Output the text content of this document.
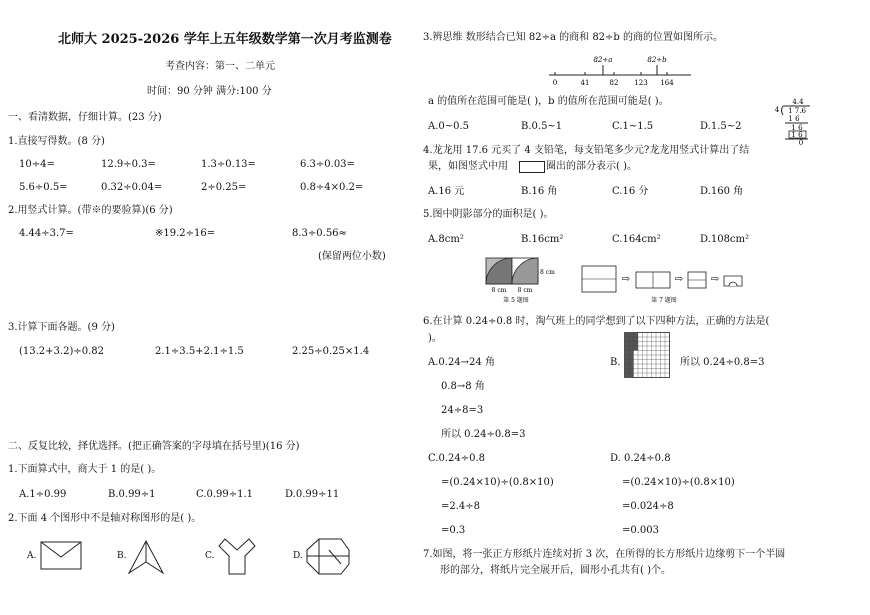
北师大 2025-2026 学年上五年级数学第一次月考监测卷
考查内容：第一、二单元
时间：90 分钟 满分:100 分
一、看清数据，仔细计算。(23 分)
1.直接写得数。(8 分)
10÷4=	12.9÷0.3=	1.3÷0.13=	6.3÷0.03=
5.6÷0.5=	0.32÷0.04=	2÷0.25=	0.8÷4×0.2=
2.用竖式计算。(带※的要验算)(6 分)
4.44÷3.7=	※19.2÷16=	8.3÷0.56≈
(保留两位小数)
3.计算下面各题。(9 分)
(13.2+3.2)÷0.82	2.1÷3.5+2.1÷1.5	2.25÷0.25×1.4
二、反复比较，择优选择。(把正确答案的字母填在括号里)(16 分)
1.下面算式中，商大于 1 的是( )。
A.1÷0.99	B.0.99÷1	C.0.99÷1.1	D.0.99÷11
2.下面 4 个图形中不是轴对称图形的是( )。
A.	B.	C.	D.
3.辨思维 数形结合已知 82÷a 的商和 82÷b 的商的位置如图所示。
82÷a	82÷b
0	41	82 123 164
a 的值所在范围可能是( )，b 的值所在范围可能是( )。
A.0~0.5	B.0.5~1	C.1~1.5	D.1.5~2
4.4
4 1 7.6
1 6
1 6
1 6
0
4.龙龙用 17.6 元买了 4 支铅笔，每支铅笔多少元?龙龙用竖式计算出了结
果，如图竖式中用	圈出的部分表示( )。
A.16 元	B.16 角	C.16 分	D.160 角
5.图中阴影部分的面积是( )。
A.8cm²	B.16cm²	C.164cm²	D.108cm²
8 cm
8 cm 8 cm
第 5 题图
⇨	⇨	⇨
第 7 题图
6.在计算 0.24÷0.8 时，淘气班上的同学想到了以下四种方法，正确的方法是(
)。
A.0.24→24 角
0.8→8 角
24÷8=3
所以 0.24÷0.8=3
B.	所以 0.24÷0.8=3
C.0.24÷0.8
=(0.24×10)÷(0.8×10)
=2.4÷8
=0.3
D. 0.24÷0.8
=(0.24×10)÷(0.8×10)
=0.024÷8
=0.003
7.如图，将一张正方形纸片连续对折 3 次，在所得的长方形纸片边缘剪下一个半圆
形的部分，将纸片完全展开后，圆形小孔共有( )个。
